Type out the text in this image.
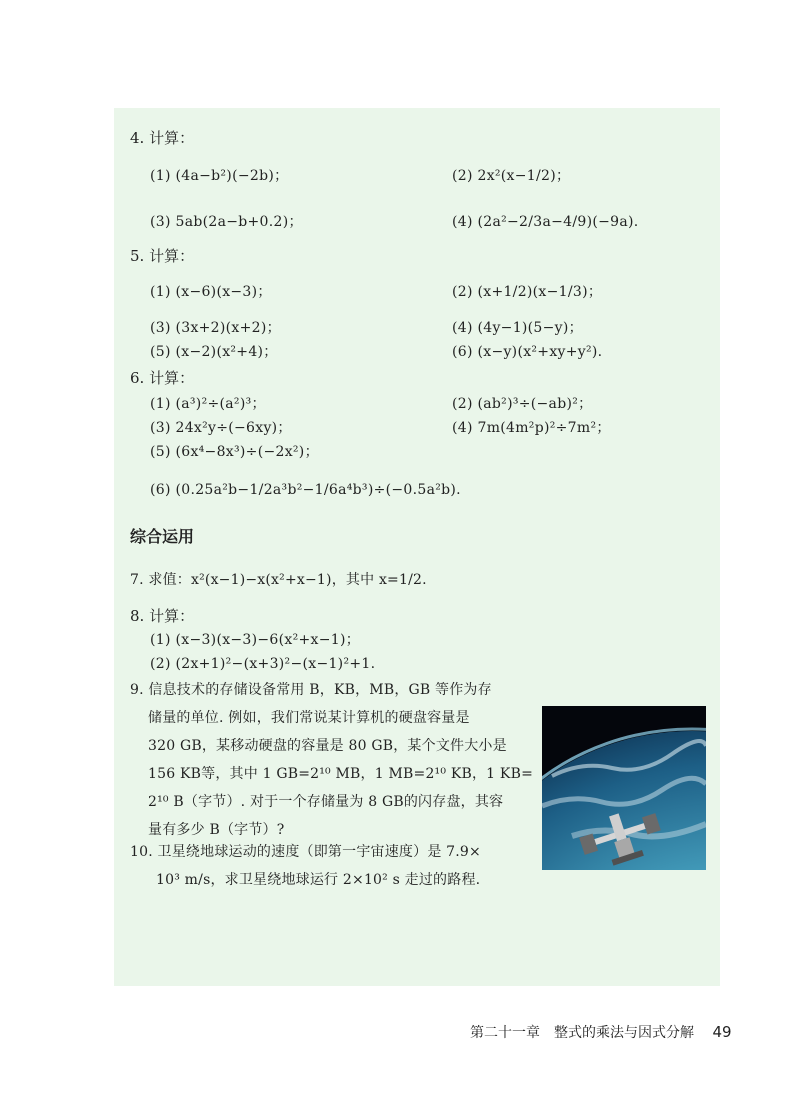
4. 计算：
(1) (4a−b²)(−2b)；	(2) 2x²(x−1/2)；
(3) 5ab(2a−b+0.2)；	(4) (2a²−2/3a−4/9)(−9a).
5. 计算：
(1) (x−6)(x−3)；	(2) (x+1/2)(x−1/3)；
(3) (3x+2)(x+2)；	(4) (4y−1)(5−y)；
(5) (x−2)(x²+4)；	(6) (x−y)(x²+xy+y²).
6. 计算：
(1) (a³)²÷(a²)³；	(2) (ab²)³÷(−ab)²；
(3) 24x²y÷(−6xy)；	(4) 7m(4m²p)²÷7m²；
(5) (6x⁴−8x³)÷(−2x²)；
(6) (0.25a²b−1/2a³b²−1/6a⁴b³)÷(−0.5a²b).
综合运用
7. 求值：x²(x−1)−x(x²+x−1)，其中 x=1/2.
8. 计算：
(1) (x−3)(x−3)−6(x²+x−1)；
(2) (2x+1)²−(x+3)²−(x−1)²+1.
9. 信息技术的存储设备常用 B，KB，MB，GB 等作为存
储量的单位. 例如，我们常说某计算机的硬盘容量是
320 GB，某移动硬盘的容量是 80 GB，某个文件大小是
156 KB等，其中 1 GB=2¹⁰ MB，1 MB=2¹⁰ KB，1 KB=
2¹⁰ B（字节）. 对于一个存储量为 8 GB的闪存盘，其容
量有多少 B（字节）?
10. 卫星绕地球运动的速度（即第一宇宙速度）是 7.9×
10³ m/s，求卫星绕地球运行 2×10² s 走过的路程.
第二十一章　整式的乘法与因式分解 49
